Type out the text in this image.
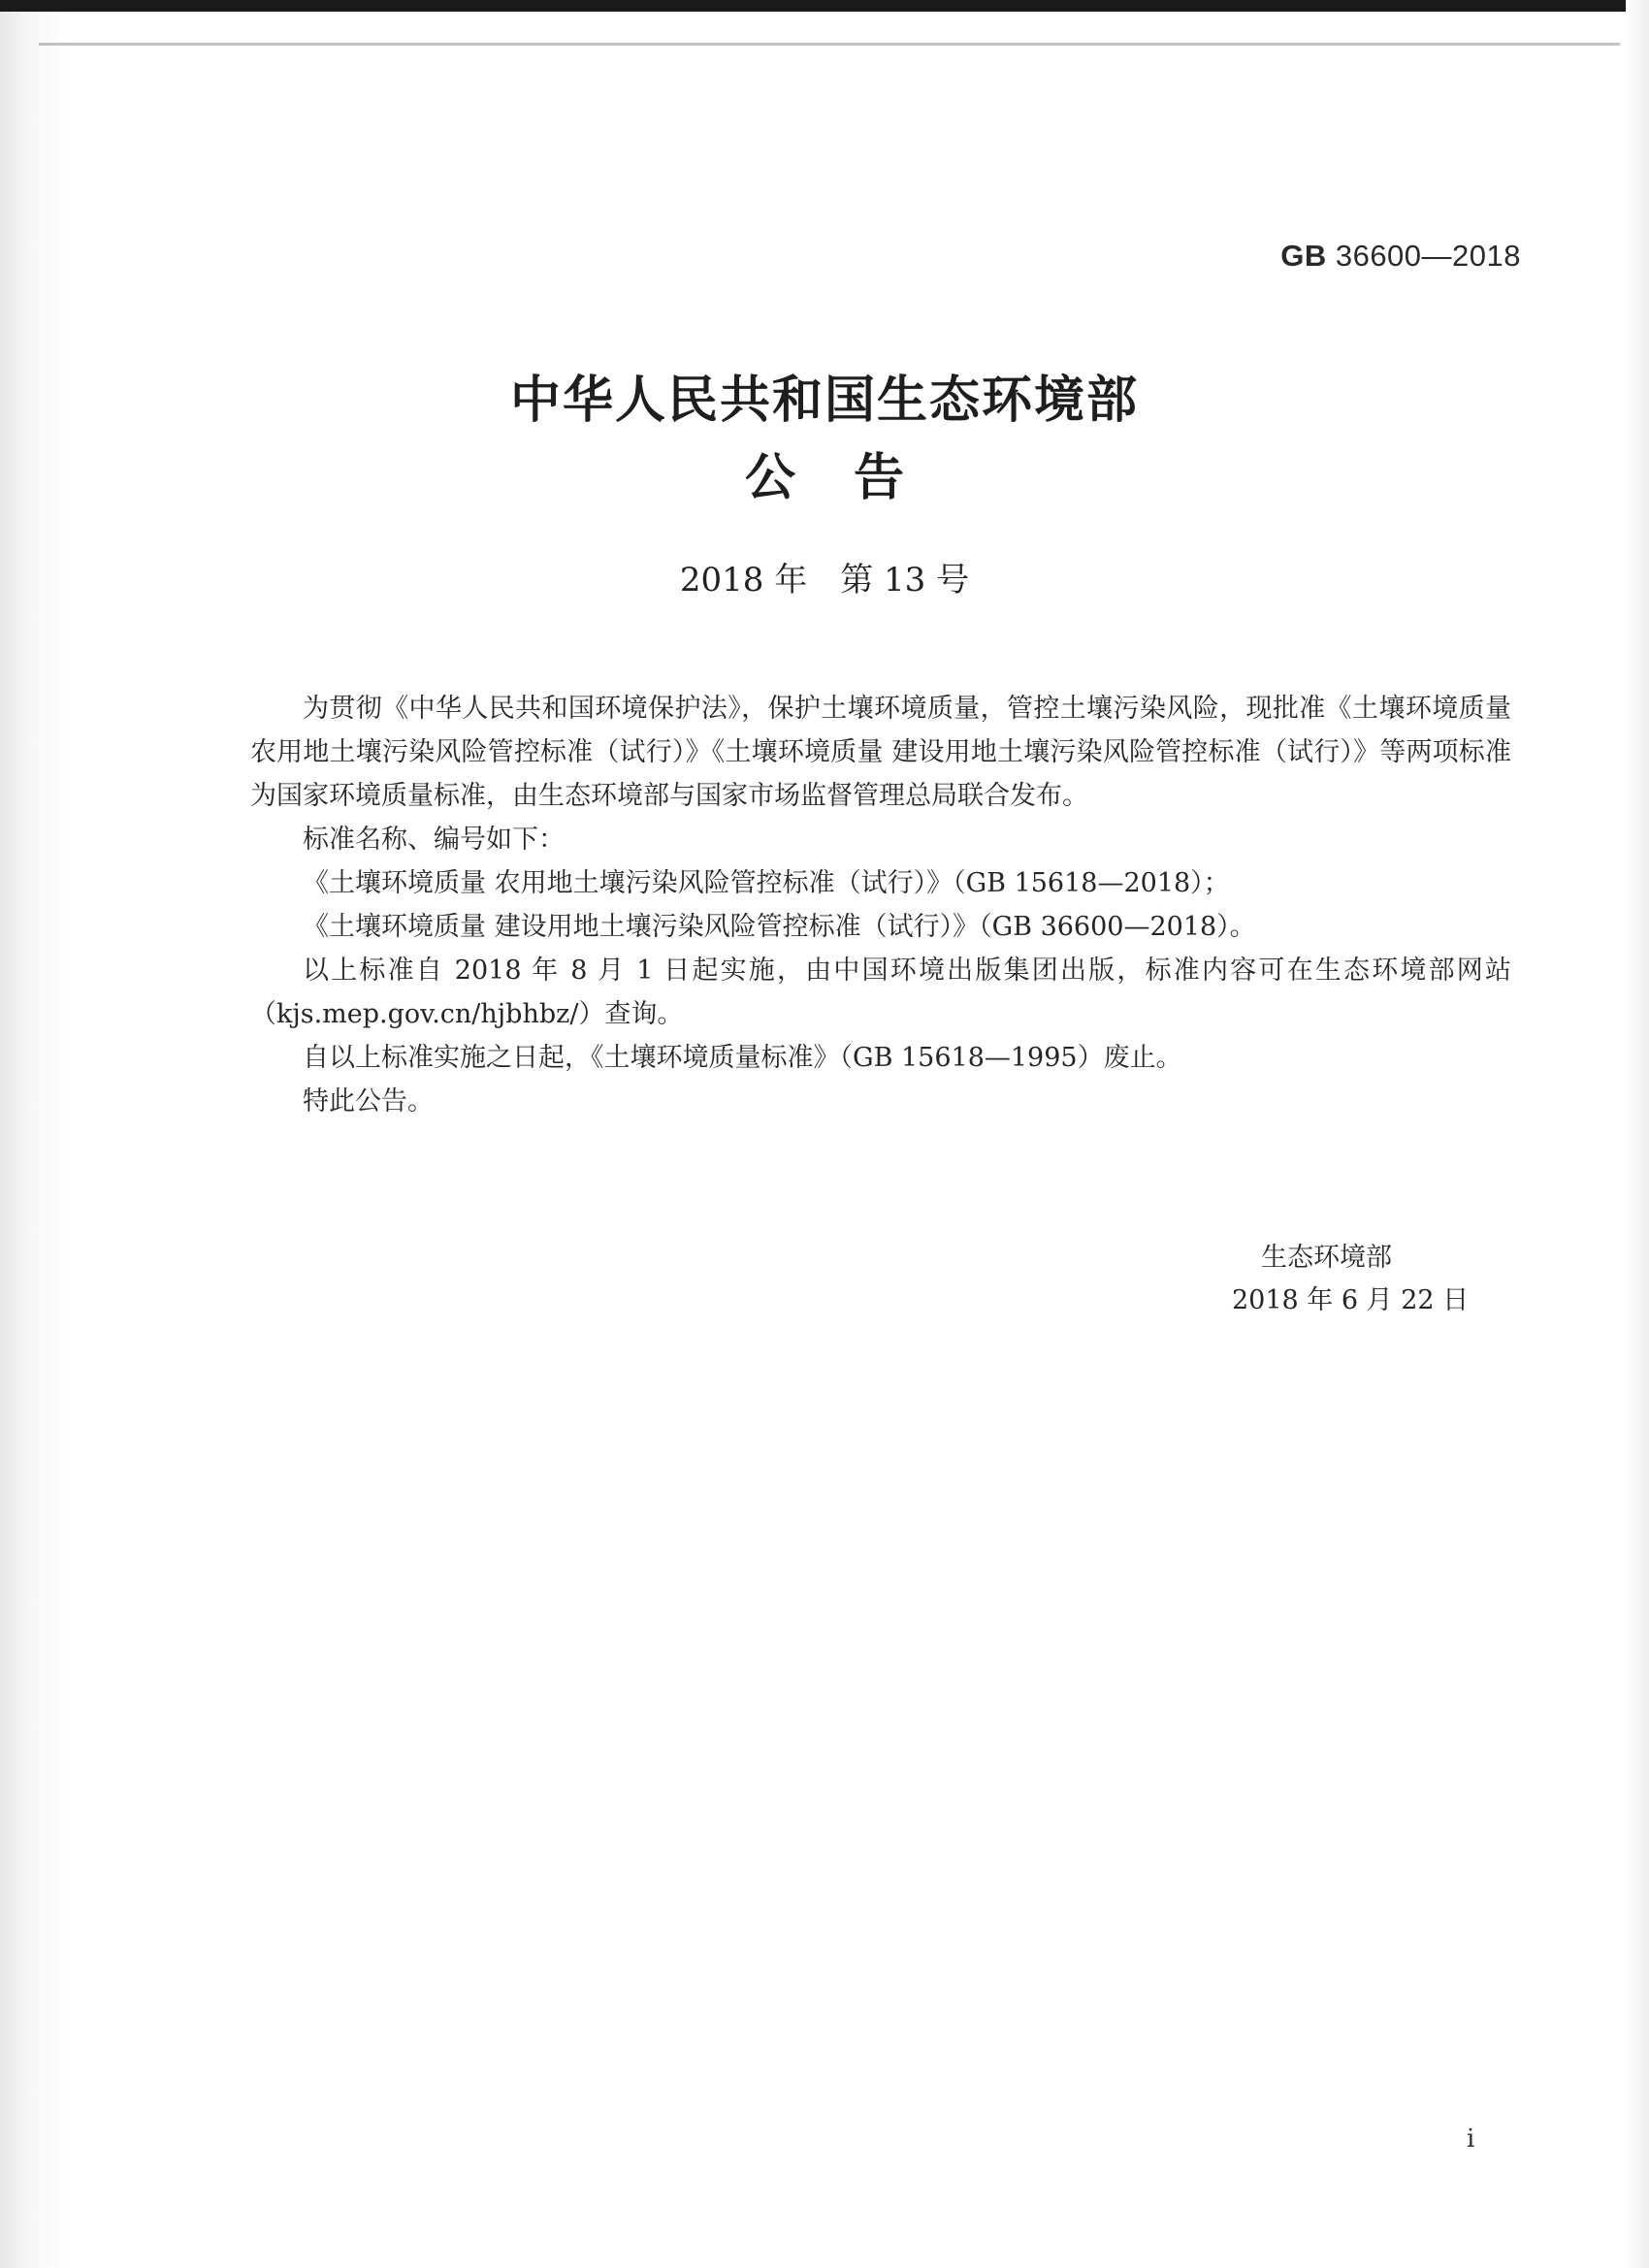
GB 36600—2018
中华人民共和国生态环境部
公告
2018 年　第 13 号

为贯彻《中华人民共和国环境保护法》，保护土壤环境质量，管控土壤污染风险，现批准《土壤环境质量 农用地土壤污染风险管控标准（试行）》《土壤环境质量 建设用地土壤污染风险管控标准（试行）》等两项标准为国家环境质量标准，由生态环境部与国家市场监督管理总局联合发布。

标准名称、编号如下：

《土壤环境质量 农用地土壤污染风险管控标准（试行）》（GB 15618—2018）；

《土壤环境质量 建设用地土壤污染风险管控标准（试行）》（GB 36600—2018）。

以上标准自 2018 年 8 月 1 日起实施，由中国环境出版集团出版，标准内容可在生态环境部网站（kjs.mep.gov.cn/hjbhbz/）查询。

自以上标准实施之日起，《土壤环境质量标准》（GB 15618—1995）废止。

特此公告。

生态环境部
2018 年 6 月 22 日
i
